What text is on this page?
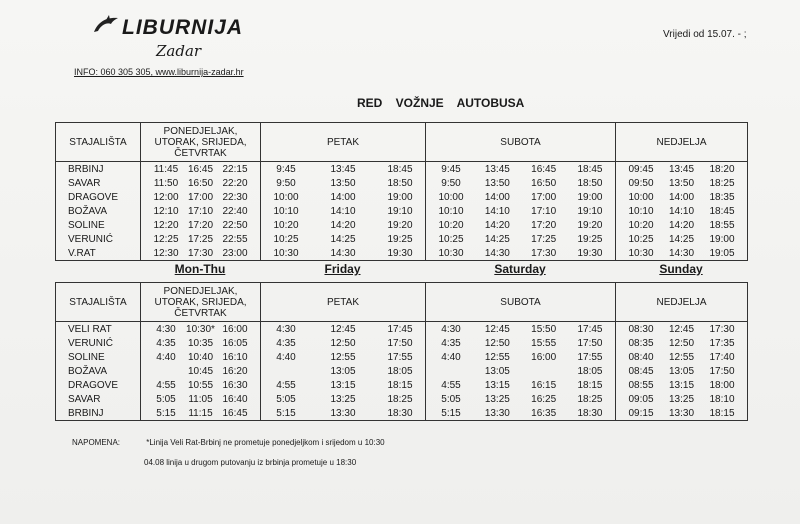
LIBURNIJA
Zadar
INFO: 060 305 305, www.liburnija-zadar.hr
Vrijedi od 15.07. - ;
RED VOŽNJE AUTOBUSA
STAJALIŠTA	PONEDJELJAK,
UTORAK, SRIJEDA,
ČETVRTAK	PETAK	SUBOTA	NEDJELJA
BRBINJ	11:45 16:45 22:15	9:45 13:45 18:45	9:45 13:45 16:45 18:45	09:45 13:45 18:20

SAVAR	11:50 16:50 22:20	9:50 13:50 18:50	9:50 13:50 16:50 18:50	09:50 13:50 18:25

DRAGOVE	12:00 17:00 22:30	10:00 14:00 19:00	10:00 14:00 17:00 19:00	10:00 14:00 18:35

BOŽAVA	12:10 17:10 22:40	10:10 14:10 19:10	10:10 14:10 17:10 19:10	10:10 14:10 18:45

SOLINE	12:20 17:20 22:50	10:20 14:20 19:20	10:20 14:20 17:20 19:20	10:20 14:20 18:55

VERUNIĆ	12:25 17:25 22:55	10:25 14:25 19:25	10:25 14:25 17:25 19:25	10:25 14:25 19:00

V.RAT	12:30 17:30 23:00	10:30 14:30 19:30	10:30 14:30 17:30 19:30	10:30 14:30 19:05
Mon-Thu	Friday	Saturday	Sunday
STAJALIŠTA	PONEDJELJAK,
UTORAK, SRIJEDA,
ČETVRTAK	PETAK	SUBOTA	NEDJELJA
VELI RAT	4:30 10:30* 16:00	4:30 12:45 17:45	4:30 12:45 15:50 17:45	08:30 12:45 17:30

VERUNIĆ	4:35 10:35 16:05	4:35 12:50 17:50	4:35 12:50 15:55 17:50	08:35 12:50 17:35

SOLINE	4:40 10:40 16:10	4:40 12:55 17:55	4:40 12:55 16:00 17:55	08:40 12:55 17:40

BOŽAVA	10:45 16:20	13:05 18:05	13:05 18:05	08:45 13:05 17:50

DRAGOVE	4:55 10:55 16:30	4:55 13:15 18:15	4:55 13:15 16:15 18:15	08:55 13:15 18:00

SAVAR	5:05 11:05 16:40	5:05 13:25 18:25	5:05 13:25 16:25 18:25	09:05 13:25 18:10

BRBINJ	5:15 11:15 16:45	5:15 13:30 18:30	5:15 13:30 16:35 18:30	09:15 13:30 18:15
NAPOMENA:	*Linija Veli Rat-Brbinj ne prometuje ponedjeljkom i srijedom u 10:30
04.08 linija u drugom putovanju iz brbinja prometuje u 18:30
